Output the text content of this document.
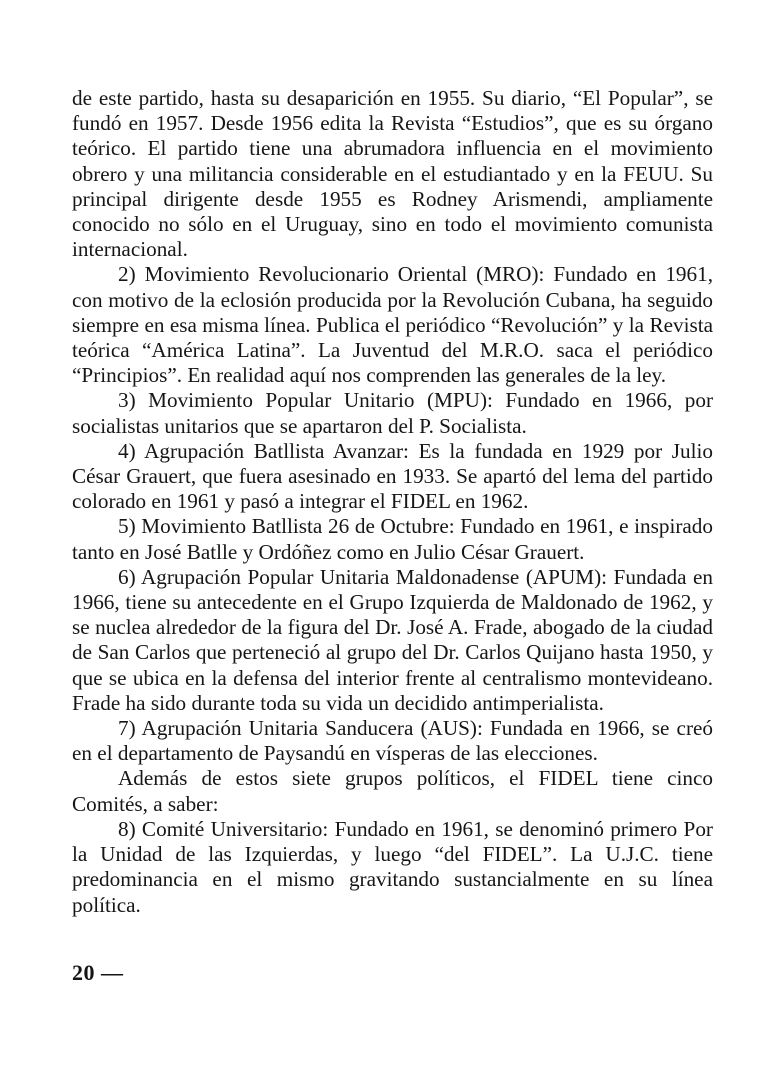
de este partido, hasta su desaparición en 1955. Su diario, “El Popular”, se fundó en 1957. Desde 1956 edita la Revista “Estudios”, que es su órgano teórico. El partido tiene una abrumadora influencia en el movimiento obrero y una militancia considerable en el estudiantado y en la FEUU. Su principal dirigente desde 1955 es Rodney Arismendi, ampliamente conocido no sólo en el Uruguay, sino en todo el movimiento comunista internacional.

2) Movimiento Revolucionario Oriental (MRO): Fundado en 1961, con motivo de la eclosión producida por la Revolución Cubana, ha seguido siempre en esa misma línea. Publica el periódico “Revolución” y la Revista teórica “América Latina”. La Juventud del M.R.O. saca el periódico “Principios”. En realidad aquí nos comprenden las generales de la ley.

3) Movimiento Popular Unitario (MPU): Fundado en 1966, por socialistas unitarios que se apartaron del P. Socialista.

4) Agrupación Batllista Avanzar: Es la fundada en 1929 por Julio César Grauert, que fuera asesinado en 1933. Se apartó del lema del partido colorado en 1961 y pasó a integrar el FIDEL en 1962.

5) Movimiento Batllista 26 de Octubre: Fundado en 1961, e inspirado tanto en José Batlle y Ordóñez como en Julio César Grauert.

6) Agrupación Popular Unitaria Maldonadense (APUM): Fundada en 1966, tiene su antecedente en el Grupo Izquierda de Maldonado de 1962, y se nuclea alrededor de la figura del Dr. José A. Frade, abogado de la ciudad de San Carlos que perteneció al grupo del Dr. Carlos Quijano hasta 1950, y que se ubica en la defensa del interior frente al centralismo montevideano. Frade ha sido durante toda su vida un decidido antimperialista.

7) Agrupación Unitaria Sanducera (AUS): Fundada en 1966, se creó en el departamento de Paysandú en vísperas de las elecciones.

Además de estos siete grupos políticos, el FIDEL tiene cinco Comités, a saber:

8) Comité Universitario: Fundado en 1961, se denominó primero Por la Unidad de las Izquierdas, y luego “del FIDEL”. La U.J.C. tiene predominancia en el mismo gravitando sustancialmente en su línea política.

20 —
